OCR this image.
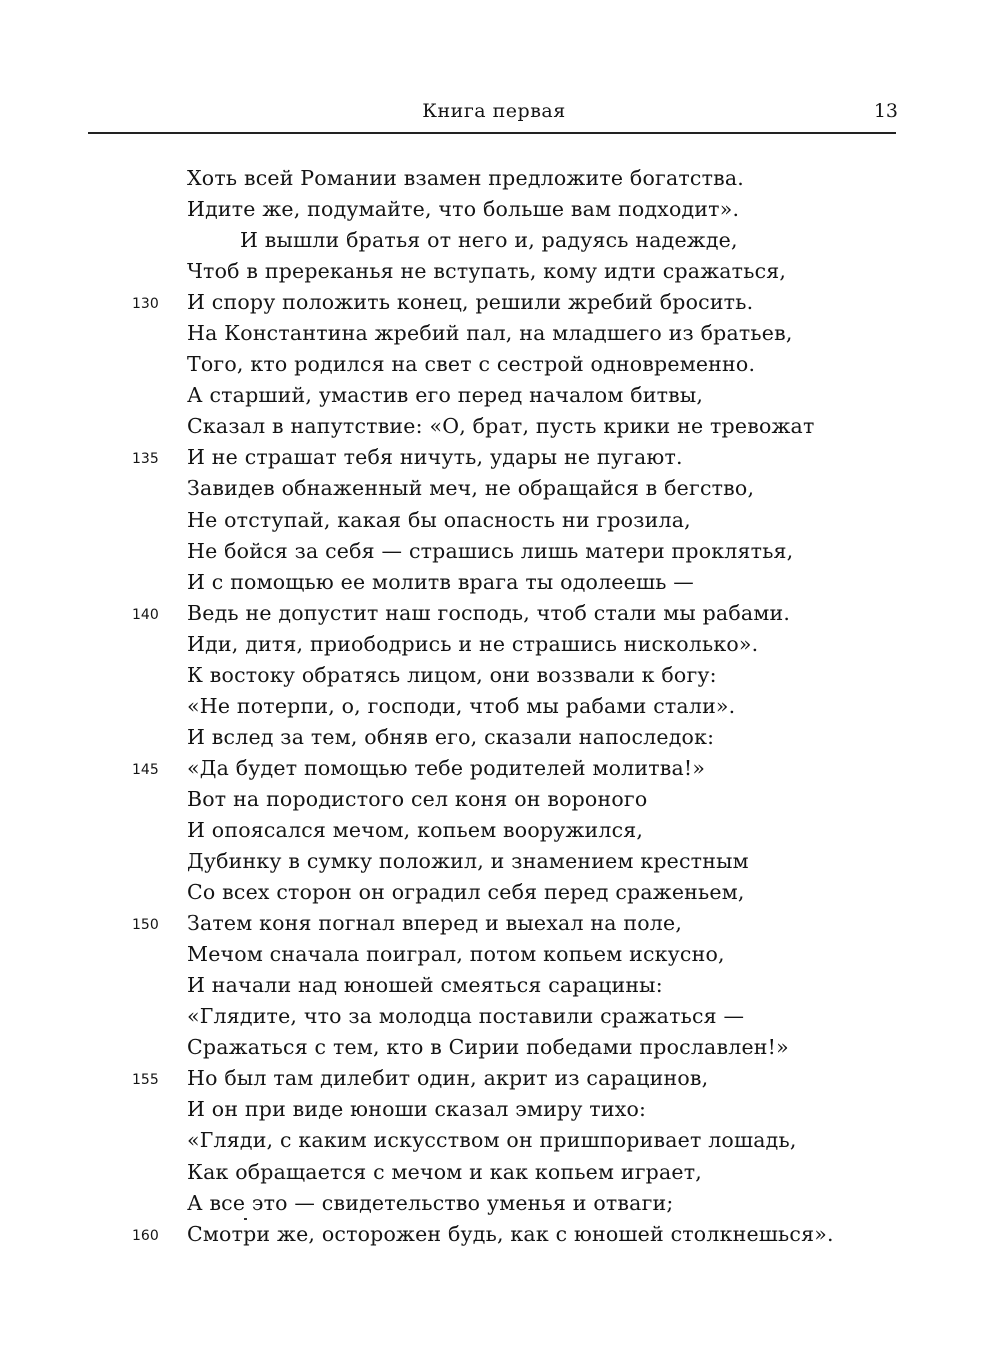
Книга первая	13
Хоть всей Романии взамен предложите богатства.
Идите же, подумайте, что больше вам подходит».
И вышли братья от него и, радуясь надежде,
Чтоб в пререканья не вступать, кому идти сражаться,
130	И спору положить конец, решили жребий бросить.
На Константина жребий пал, на младшего из братьев,
Того, кто родился на свет с сестрой одновременно.
А старший, умастив его перед началом битвы,
Сказал в напутствие: «О, брат, пусть крики не тревожат
135	И не страшат тебя ничуть, удары не пугают.
Завидев обнаженный меч, не обращайся в бегство,
Не отступай, какая бы опасность ни грозила,
Не бойся за себя — страшись лишь матери проклятья,
И с помощью ее молитв врага ты одолеешь —
140	Ведь не допустит наш господь, чтоб стали мы рабами.
Иди, дитя, приободрись и не страшись нисколько».
К востоку обратясь лицом, они воззвали к богу:
«Не потерпи, о, господи, чтоб мы рабами стали».
И вслед за тем, обняв его, сказали напоследок:
145	«Да будет помощью тебе родителей молитва!»
Вот на породистого сел коня он вороного
И опоясался мечом, копьем вооружился,
Дубинку в сумку положил, и знамением крестным
Со всех сторон он оградил себя перед сраженьем,
150	Затем коня погнал вперед и выехал на поле,
Мечом сначала поиграл, потом копьем искусно,
И начали над юношей смеяться сарацины:
«Глядите, что за молодца поставили сражаться —
Сражаться с тем, кто в Сирии победами прославлен!»
155	Но был там дилебит один, акрит из сарацинов,
И он при виде юноши сказал эмиру тихо:
«Гляди, с каким искусством он пришпоривает лошадь,
Как обращается с мечом и как копьем играет,
А все это — свидетельство уменья и отваги;
160	Смотри же, осторожен будь, как с юношей столкнешься».
